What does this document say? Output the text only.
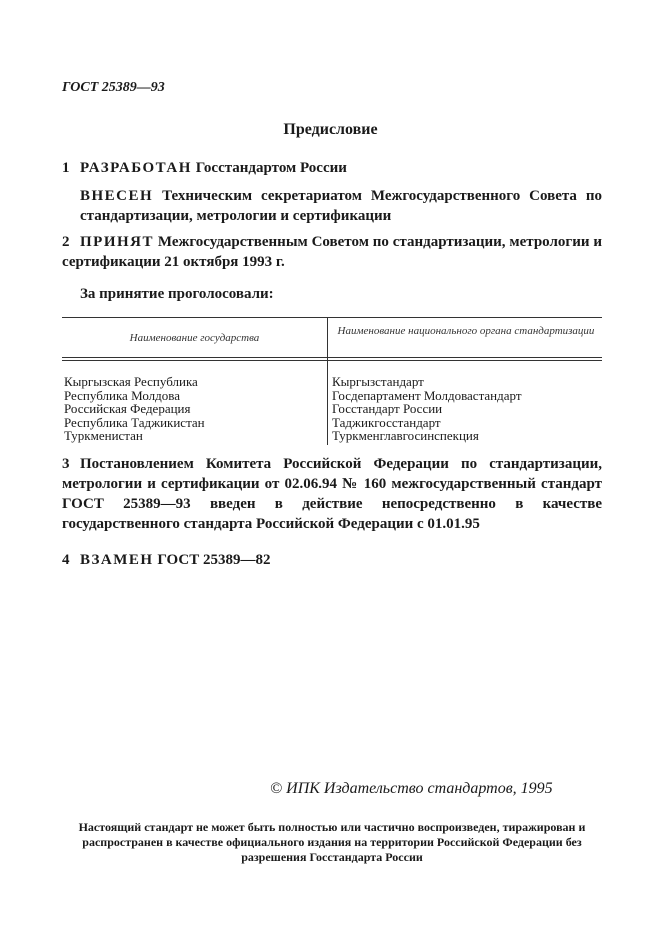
ГОСТ 25389—93
Предисловие
1 РАЗРАБОТАН Госстандартом России
ВНЕСЕН Техническим секретариатом Межгосударственного Совета по стандартизации, метрологии и сертификации
2 ПРИНЯТ Межгосударственным Советом по стандартизации, метрологии и сертификации 21 октября 1993 г.
За принятие проголосовали:
Наименование государства
Наименование национального органа стандартизации
Кыргызская Республика
Республика Молдова
Российская Федерация
Республика Таджикистан
Туркменистан
Кыргызстандарт
Госдепартамент Молдовастандарт
Госстандарт России
Таджикгосстандарт
Туркменглавгосинспекция
3 Постановлением Комитета Российской Федерации по стандартизации, метрологии и сертификации от 02.06.94 № 160 межгосударственный стандарт ГОСТ 25389—93 введен в действие непосредственно в качестве государственного стандарта Российской Федерации с 01.01.95
4 ВЗАМЕН ГОСТ 25389—82
© ИПК Издательство стандартов, 1995
Настоящий стандарт не может быть полностью или частично воспроизведен, тиражирован и распространен в качестве официального издания на территории Российской Федерации без разрешения Госстандарта России
